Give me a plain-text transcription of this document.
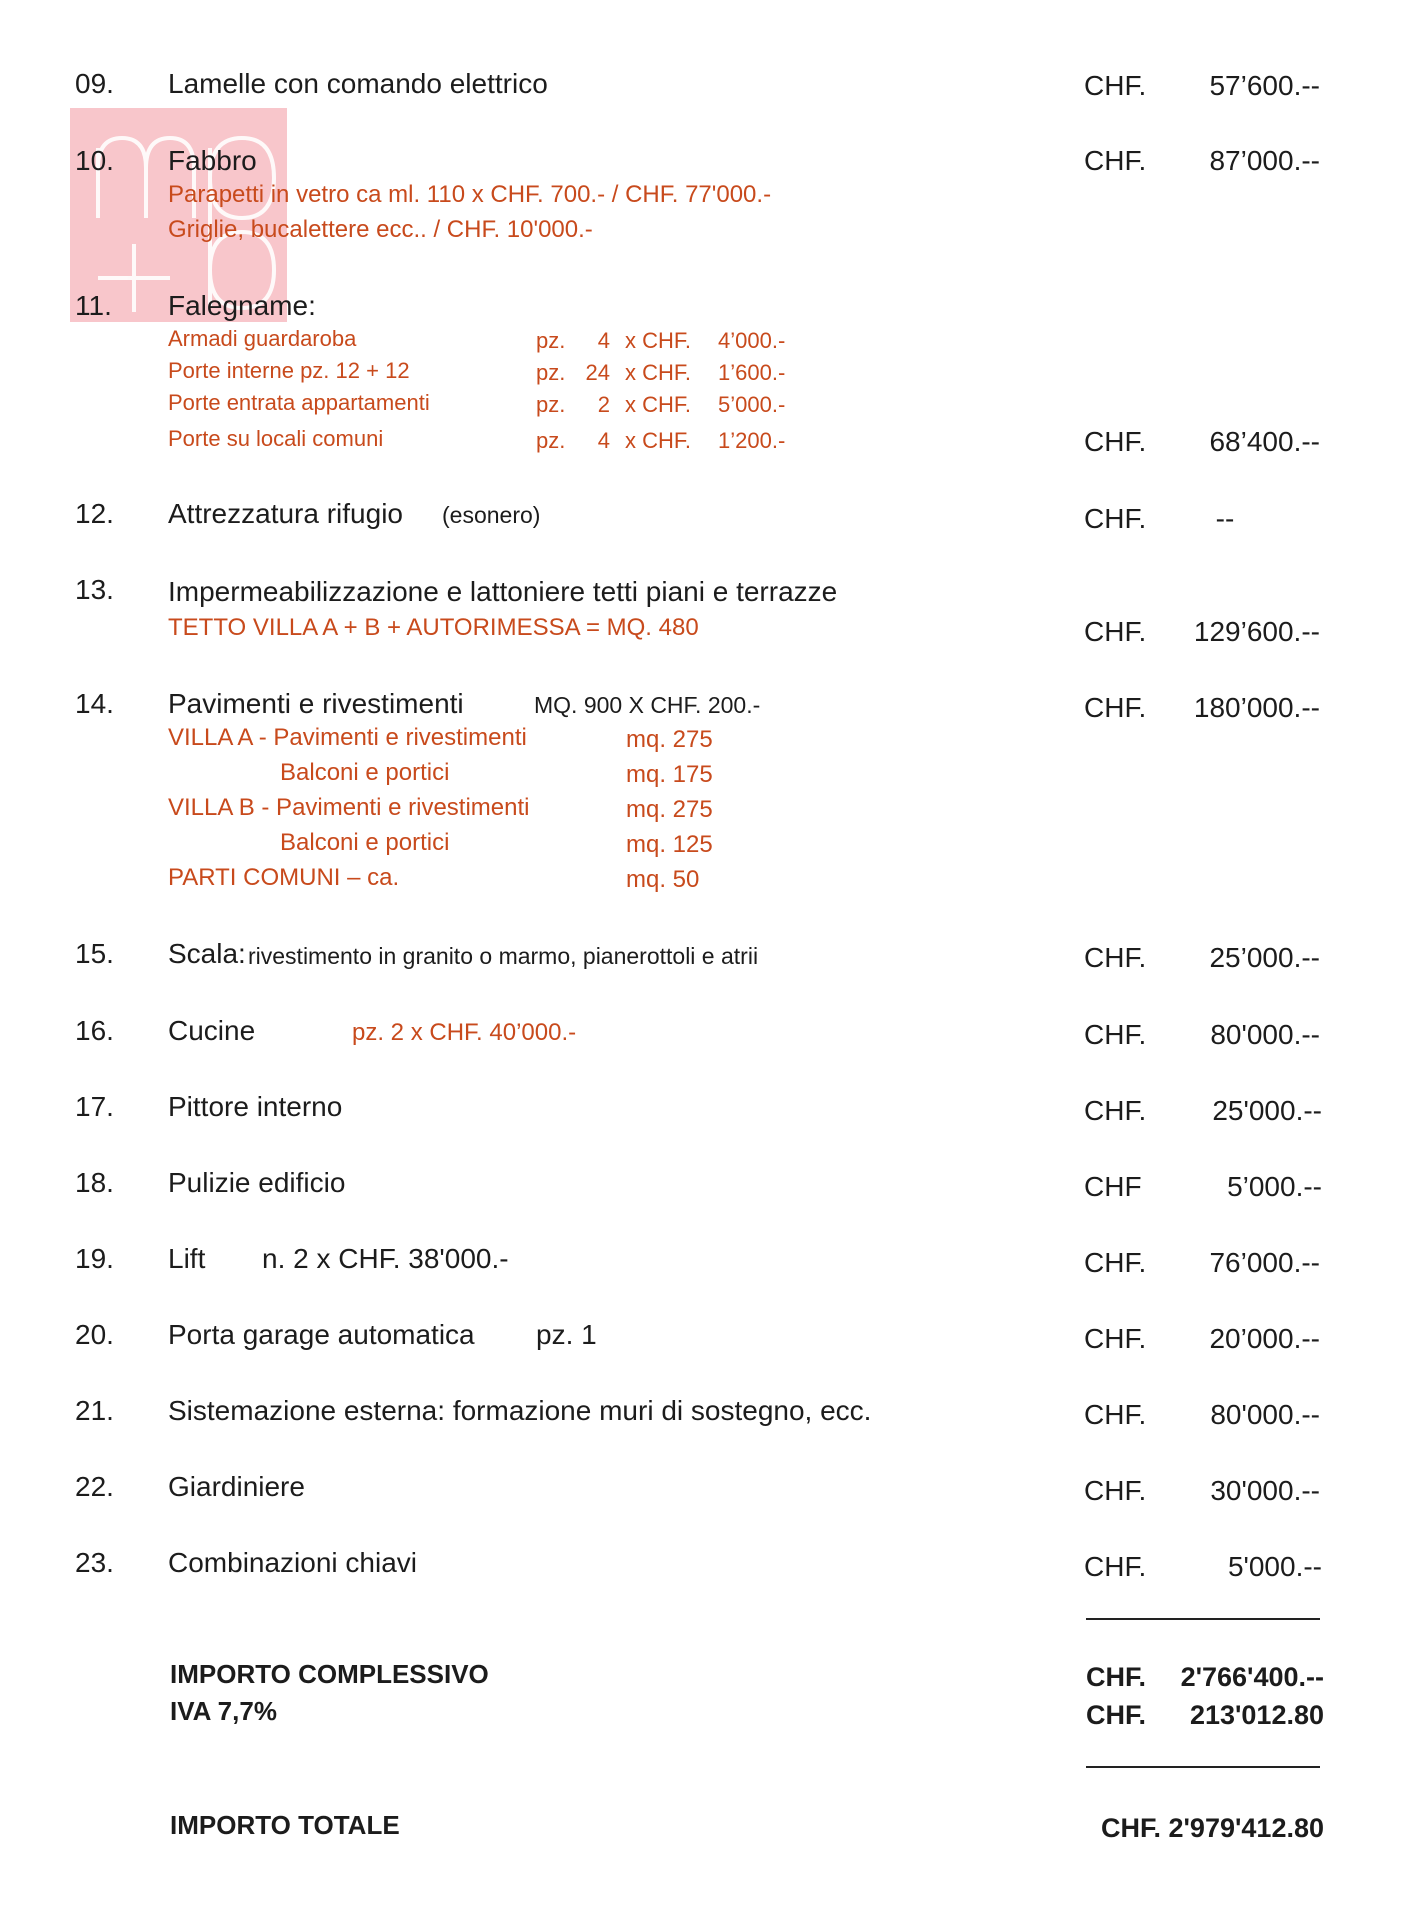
09. Lamelle con comando elettrico	CHF.	57’600.--
10. Fabbro	CHF.	87’000.--
Parapetti in vetro ca ml. 110 x CHF. 700.- / CHF. 77'000.-
Griglie, bucalettere ecc.. / CHF. 10'000.-
11. Falegname:
Armadi guardaroba	pz.	4 x CHF. 4’000.-
Porte interne pz. 12 + 12	pz. 24 x CHF. 1’600.-
Porte entrata appartamenti	pz.	2 x CHF. 5’000.-
Porte su locali comuni	pz.	4 x CHF. 1’200.-	CHF.	68’400.--
12. Attrezzatura rifugio (esonero)	CHF.	--
13. Impermeabilizzazione e lattoniere tetti piani e terrazze
TETTO VILLA A + B + AUTORIMESSA = MQ. 480	CHF.	129’600.--
14. Pavimenti e rivestimenti	MQ. 900 X CHF. 200.-	CHF.	180’000.--
VILLA A - Pavimenti e rivestimenti	mq. 275
Balconi e portici	mq. 175
VILLA B - Pavimenti e rivestimenti	mq. 275
Balconi e portici	mq. 125
PARTI COMUNI – ca.	mq. 50
15. Scala: rivestimento in granito o marmo, pianerottoli e atrii	CHF.	25’000.--
16. Cucine	pz. 2 x CHF. 40’000.-	CHF.	80'000.--
17. Pittore interno	CHF.	25'000.--
18. Pulizie edificio	CHF	5’000.--
19. Lift n. 2 x CHF. 38'000.-	CHF.	76’000.--
20. Porta garage automatica pz. 1	CHF.	20’000.--
21. Sistemazione esterna: formazione muri di sostegno, ecc.	CHF.	80'000.--
22. Giardiniere	CHF.	30'000.--
23. Combinazioni chiavi	CHF.	5'000.--
IMPORTO COMPLESSIVO	CHF.	2'766'400.--
IVA 7,7%	CHF.	213'012.80
IMPORTO TOTALE	CHF. 2'979'412.80
